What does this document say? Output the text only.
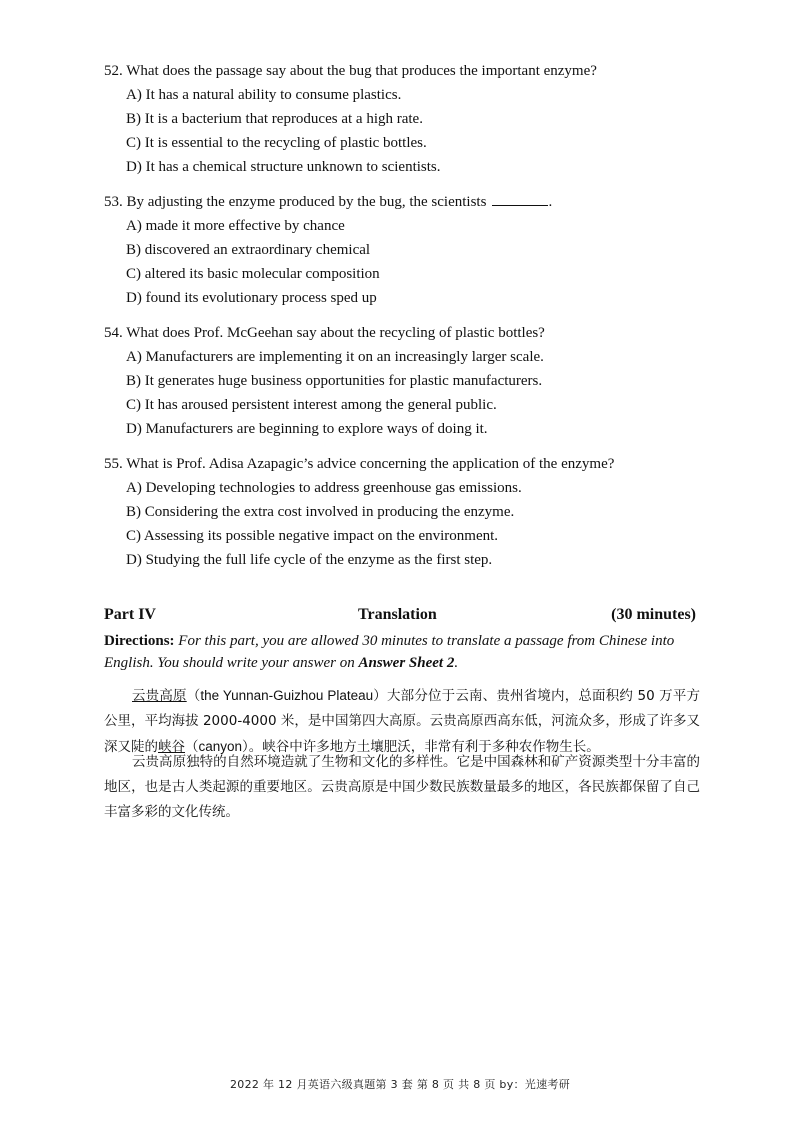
52. What does the passage say about the bug that produces the important enzyme?
A) It has a natural ability to consume plastics.
B) It is a bacterium that reproduces at a high rate.
C) It is essential to the recycling of plastic bottles.
D) It has a chemical structure unknown to scientists.
53. By adjusting the enzyme produced by the bug, the scientists	.
A) made it more effective by chance
B) discovered an extraordinary chemical
C) altered its basic molecular composition
D) found its evolutionary process sped up
54. What does Prof. McGeehan say about the recycling of plastic bottles?
A) Manufacturers are implementing it on an increasingly larger scale.
B) It generates huge business opportunities for plastic manufacturers.
C) It has aroused persistent interest among the general public.
D) Manufacturers are beginning to explore ways of doing it.
55. What is Prof. Adisa Azapagic’s advice concerning the application of the enzyme?
A) Developing technologies to address greenhouse gas emissions.
B) Considering the extra cost involved in producing the enzyme.
C) Assessing its possible negative impact on the environment.
D) Studying the full life cycle of the enzyme as the first step.
Part IV	Translation	(30 minutes)
Directions: For this part, you are allowed 30 minutes to translate a passage from Chinese into English. You should write your answer on Answer Sheet 2.
云贵高原（the Yunnan-Guizhou Plateau）大部分位于云南、贵州省境内，总面积约 50 万平方公里，平均海拔 2000-4000 米，是中国第四大高原。云贵高原西高东低，河流众多，形成了许多又深又陡的峡谷（canyon）。峡谷中许多地方土壤肥沃，非常有利于多种农作物生长。
云贵高原独特的自然环境造就了生物和文化的多样性。它是中国森林和矿产资源类型十分丰富的地区，也是古人类起源的重要地区。云贵高原是中国少数民族数量最多的地区，各民族都保留了自己丰富多彩的文化传统。
2022 年 12 月英语六级真题第 3 套 第 8 页 共 8 页 by：光速考研
